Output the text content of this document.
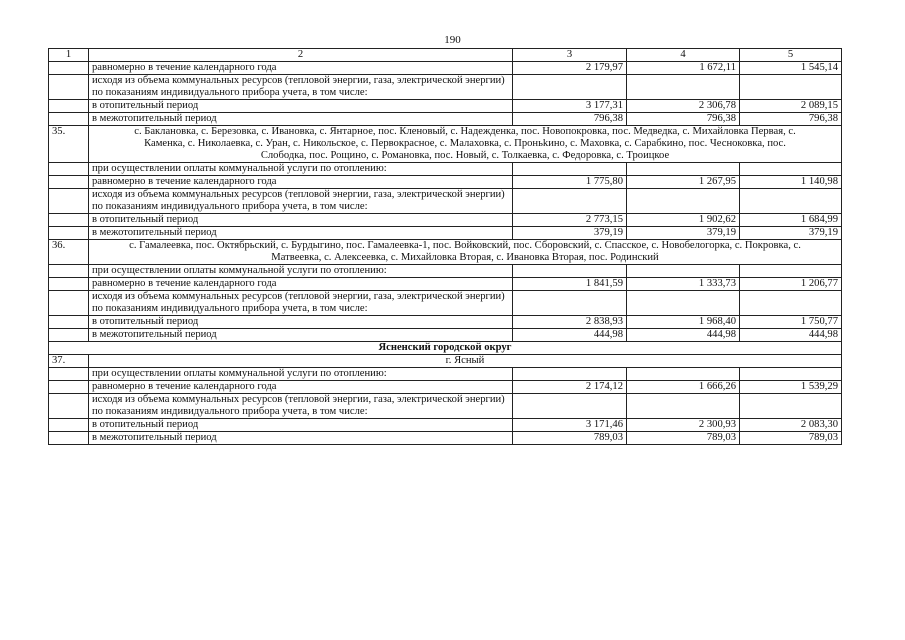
190
1	2	3	4	5
	равномерно в течение календарного года	2 179,97	1 672,11	1 545,14
	исходя из объема коммунальных ресурсов (тепловой энергии, газа, электрической энергии) по показаниям индивидуального прибора учета, в том числе:			
	в отопительный период	3 177,31	2 306,78	2 089,15
	в межотопительный период	796,38	796,38	796,38
35.	с. Баклановка, с. Березовка, с. Ивановка, с. Янтарное, пос. Кленовый, с. Надежденка, пос. Новопокровка, пос. Медведка, с. Михайловка Первая, с. Каменка, с. Николаевка, с. Уран, с. Никольское, с. Первокрасное, с. Малаховка, с. Проньkино, с. Маховка, с. Сарабкино, пос. Чесноковка, пос. Слободка, пос. Рощино, с. Романовка, пос. Новый, с. Толкаевка, с. Федоровка, с. Троицкое			
	при осуществлении оплаты коммунальной услуги по отоплению:			
	равномерно в течение календарного года	1 775,80	1 267,95	1 140,98
	исходя из объема коммунальных ресурсов (тепловой энергии, газа, электрической энергии) по показаниям индивидуального прибора учета, в том числе:			
	в отопительный период	2 773,15	1 902,62	1 684,99
	в межотопительный период	379,19	379,19	379,19
36.	с. Гамалеевка, пос. Октябрьский, с. Бурдыгино, пос. Гамалеевка-1, пос. Войковский, пос. Сборовский, с. Спасское, с. Новобелогорка, с. Покровка, с. Матвеевка, с. Алексеевка, с. Михайловка Вторая, с. Ивановка Вторая, пос. Родинский			
	при осуществлении оплаты коммунальной услуги по отоплению:			
	равномерно в течение календарного года	1 841,59	1 333,73	1 206,77
	исходя из объема коммунальных ресурсов (тепловой энергии, газа, электрической энергии) по показаниям индивидуального прибора учета, в том числе:			
	в отопительный период	2 838,93	1 968,40	1 750,77
	в межотопительный период	444,98	444,98	444,98
Ясненский городской округ				
37.	г. Ясный			
	при осуществлении оплаты коммунальной услуги по отоплению:			
	равномерно в течение календарного года	2 174,12	1 666,26	1 539,29
	исходя из объема коммунальных ресурсов (тепловой энергии, газа, электрической энергии) по показаниям индивидуального прибора учета, в том числе:			
	в отопительный период	3 171,46	2 300,93	2 083,30
	в межотопительный период	789,03	789,03	789,03
